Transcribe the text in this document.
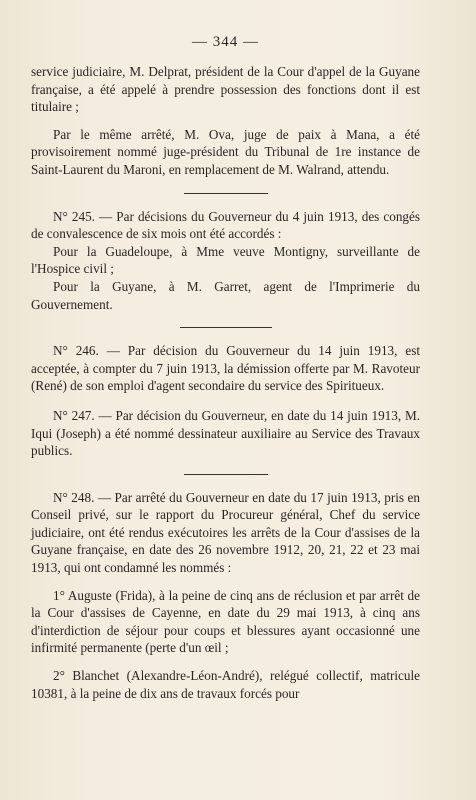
— 344 —

service judiciaire, M. Delprat, président de la Cour d'appel de la Guyane française, a été appelé à prendre possession des fonctions dont il est titulaire ;

Par le même arrêté, M. Ova, juge de paix à Mana, a été provisoirement nommé juge-président du Tribunal de 1re instance de Saint-Laurent du Maroni, en remplacement de M. Walrand, attendu.

N° 245. — Par décisions du Gouverneur du 4 juin 1913, des congés de convalescence de six mois ont été accordés :

Pour la Guadeloupe, à Mme veuve Montigny, surveillante de l'Hospice civil ;

Pour la Guyane, à M. Garret, agent de l'Imprimerie du Gouvernement.

N° 246. — Par décision du Gouverneur du 14 juin 1913, est acceptée, à compter du 7 juin 1913, la démission offerte par M. Ravoteur (René) de son emploi d'agent secondaire du service des Spiritueux.

N° 247. — Par décision du Gouverneur, en date du 14 juin 1913, M. Iqui (Joseph) a été nommé dessinateur auxiliaire au Service des Travaux publics.

N° 248. — Par arrêté du Gouverneur en date du 17 juin 1913, pris en Conseil privé, sur le rapport du Procureur général, Chef du service judiciaire, ont été rendus exécutoires les arrêts de la Cour d'assises de la Guyane française, en date des 26 novembre 1912, 20, 21, 22 et 23 mai 1913, qui ont condamné les nommés :

1° Auguste (Frida), à la peine de cinq ans de réclusion et par arrêt de la Cour d'assises de Cayenne, en date du 29 mai 1913, à cinq ans d'interdiction de séjour pour coups et blessures ayant occasionné une infirmité permanente (perte d'un œil ;

2° Blanchet (Alexandre-Léon-André), relégué collectif, matricule 10381, à la peine de dix ans de travaux forcés pour
